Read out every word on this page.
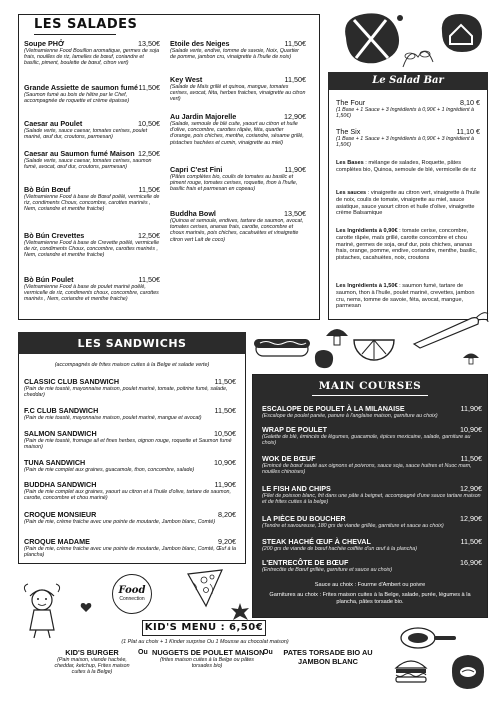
LES SALADES
Soupe PHỞ	13,50€
(Vietnamienne Food Bouillon aromatique, germes de soja frais, nouilles de riz, lamelles de bœuf, coriandre et basilic, piment, boulette de bœuf, citron vert)
Grande Assiette de saumon fumé 11,50€
(Saumon fumé au bois de hêtre par le Chef, accompagnée de roquette et crème épaisse)
Caesar au Poulet	10,50€
(Salade verte, sauce caesar, tomates cerises, poulet mariné, œuf dur, croutons, parmesan)
Caesar au Saumon fumé Maison 12,50€
(Salade verte, sauce caesar, tomates cerises, saumon fumé, avocat, œuf dur, croutons, parmesan)
Bò Bún Bœuf	11,50€
(Vietnamienne Food à base de Bœuf poêlé, vermicelle de riz, condiments Choux, concombre, carottes marinés , Nem, coriandre et menthe fraiche)
Bò Bún Crevettes	12,50€
(Vietnamienne Food à base de Crevette poêlé, vermicelle de riz, condiments Choux, concombre, carottes marinés , Nem, coriandre et menthe fraiche)
Bò Bún Poulet	11,50€
(Vietnamienne Food à base de poulet mariné poêlé, vermicelle de riz, condiments choux, concombre, carottes marinés , Nem, coriandre et menthe fraiche)
Etoile des Neiges	11,50€
(Salade verte, endive, tomme de savoie, Noix, Quartier de pomme, jambon cru, vinaigrette à l'huile de noix)
Key West	11,50€
(Salade de Maïs grillé et quinoa, mangue, tomates cerises, avocat, féta, herbes fraiches, vinaigrette au citron vert)
Au Jardin Majorelle	12,90€
(Salade, semoule de blé cuite, yaourt au citron et huile d'olive, concombre, carottes râpée, féta, quartier d'orange, pois chiches, menthe, coriandre, sésame grillé, pistaches hachées et cumin, vinaigrette au miel)
Capri C'est Fini	11,90€
(Pâtes complètes bio, coulis de tomates au basilic et piment rouge, tomates cerises, roquette, thon à l'huile, basilic frais et parmesan en copeau)
Buddha Bowl	13,50€
(Quinoa et semoule, endives, tartare de saumon, avocat, tomates cerises, ananas frais, carotte, concombre et choux marinés, pois chiches, cacahuètes et vinaigrette citron vert Lait de coco)
Le Salad Bar
The Four	8,10 €
(1 Base + 1 Sauce + 3 Ingrédients à 0,90€ + 1 Ingrédient à 1,50€)
The Six	11,10 €
(1 Base + 1 Sauce + 3 Ingrédients à 0,90€ + 3 Ingrédient à 1,50€)
Les Bases : mélange de salades, Roquette, pâtes complètes bio, Quinoa, semoule de blé, vermicelle de riz
Les sauces : vinaigrette au citron vert, vinaigrette à l'huile de noix, coulis de tomate, vinaigrette au miel, sauce asiatique, sauce yaourt citron et huile d'olive, vinaigrette crème Balsamique
Les Ingrédients à 0,90€ : tomate cerise, concombre, carotte râpée, maïs grillé, carotte concombre et chou mariné, germes de soja, œuf dur, pois chiches, ananas frais, orange, pomme, endive, coriandre, menthe, basilic, pistaches, cacahuètes, noix, croutons
Les Ingrédients à 1,50€ : saumon fumé, tartare de saumon, thon à l'huile, poulet mariné, crevettes, jambon cru, nems, tomme de savoie, féta, avocat, mangue, parmesan
LES SANDWICHS
(accompagnés de frites maison cuites à la Belge et salade verte)
CLASSIC CLUB SANDWICH	11,50€
(Pain de mie toasté, mayonnaise maison, poulet mariné, tomate, poitrine fumé, salade, cheddar)
F.C CLUB SANDWICH	11,50€
(Pain de mie toasté, mayonnaise maison, poulet mariné, mangue et avocat)
SALMON SANDWICH	10,50€
(Pain de mie toasté, fromage ail et fines herbes, oignon rouge, roquette et Saumon fumé maison)
TUNA SANDWICH	10,90€
(Pain de mie complet aux graines, guacamole, thon, concombre, salade)
BUDDHA SANDWICH	11,90€
(Pain de mie complet aux graines, yaourt au citron et à l'huile d'olive, tartare de saumon, carotte, concombre et chou mariné)
CROQUE MONSIEUR	8,20€
(Pain de mie, crème fraiche avec une pointe de moutarde, Jambon blanc, Comté)
CROQUE MADAME	9,20€
(Pain de mie, crème fraiche avec une pointe de moutarde, Jambon blanc, Comté, Œuf à la plancha)
MAIN COURSES
ESCALOPE DE POULET À LA MILANAISE	11,90€
(Escalope de poulet panée, panure à l'anglaise maison, garniture au choix)
WRAP DE POULET	10,90€
(Galette de blé, émincés de légumes, guacamole, épices mexicaine, salade, garniture au choix)
WOK DE BŒUF	11,50€
(Emincé de bœuf sauté aux oignons et poivrons, sauce soja, sauce huitres et Nuoc mam, nouilles chinoises)
LE FISH AND CHIPS	12,90€
(Filet de poisson blanc, frit dans une pâte à beignet, accompagné d'une sauce tartare maison et de frites cuites à la belge)
LA PIÈCE DU BOUCHER	12,90€
(Tendre et savoureuse, 180 grs de viande grillée, garniture et sauce au choix)
STEAK HACHÉ ŒUF À CHEVAL	11,50€
(200 grs de viande de bœuf hachée coiffée d'un œuf à la plancha)
L'ENTRECÔTE DE BŒUF	16,90€
(Entrecôte de Bœuf grillée, garniture et sauce au choix)
Sauce au choix : Fourme d'Ambert ou poivre
Garnitures au choix : Frites maison cuites à la Belge, salade, purée, légumes à la plancha, pâtes torsade bio.
Food
Connection
KID'S MENU : 6,50€
(1 Plat au choix + 1 Kinder surprise Ou 1 Mousse au chocolat maison)
KID'S BURGER
(Pain maison, viande hachée, cheddar, ketchup, Frites maison cuites à la Belge)
Ou NUGGETS DE POULET MAISON
(frites maison cuites à la Belge ou pâtes torsades bio)
Ou	PATES TORSADE BIO AU JAMBON BLANC
